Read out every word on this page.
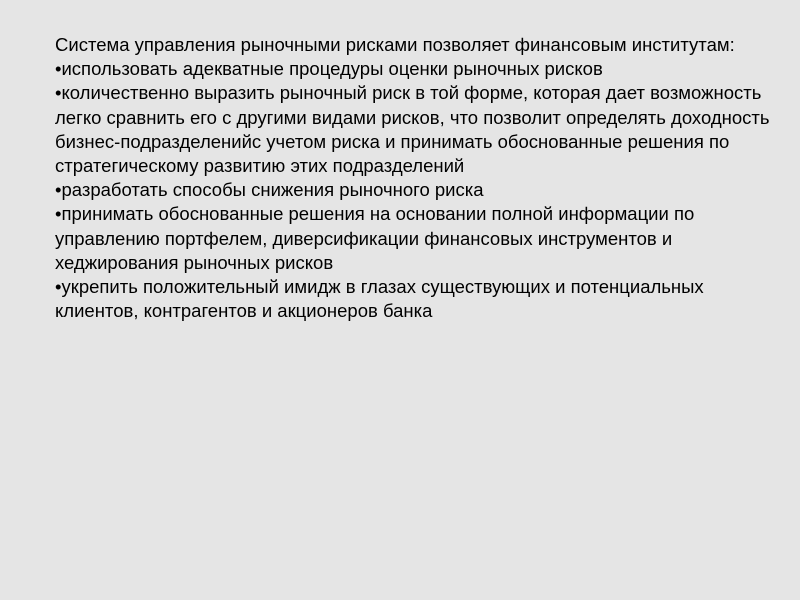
Система управления рыночными рисками позволяет финансовым институтам:

•использовать адекватные процедуры оценки рыночных рисков

•количественно выразить рыночный риск в той форме, которая дает возможность легко сравнить его с другими видами рисков, что позволит определять доходность бизнес-подразделенийс учетом риска и принимать обоснованные решения по стратегическому развитию этих подразделений

•разработать способы снижения рыночного риска

•принимать обоснованные решения на основании полной информации по управлению портфелем, диверсификации финансовых инструментов и хеджирования рыночных рисков

•укрепить положительный имидж в глазах существующих и потенциальных клиентов, контрагентов и акционеров банка
